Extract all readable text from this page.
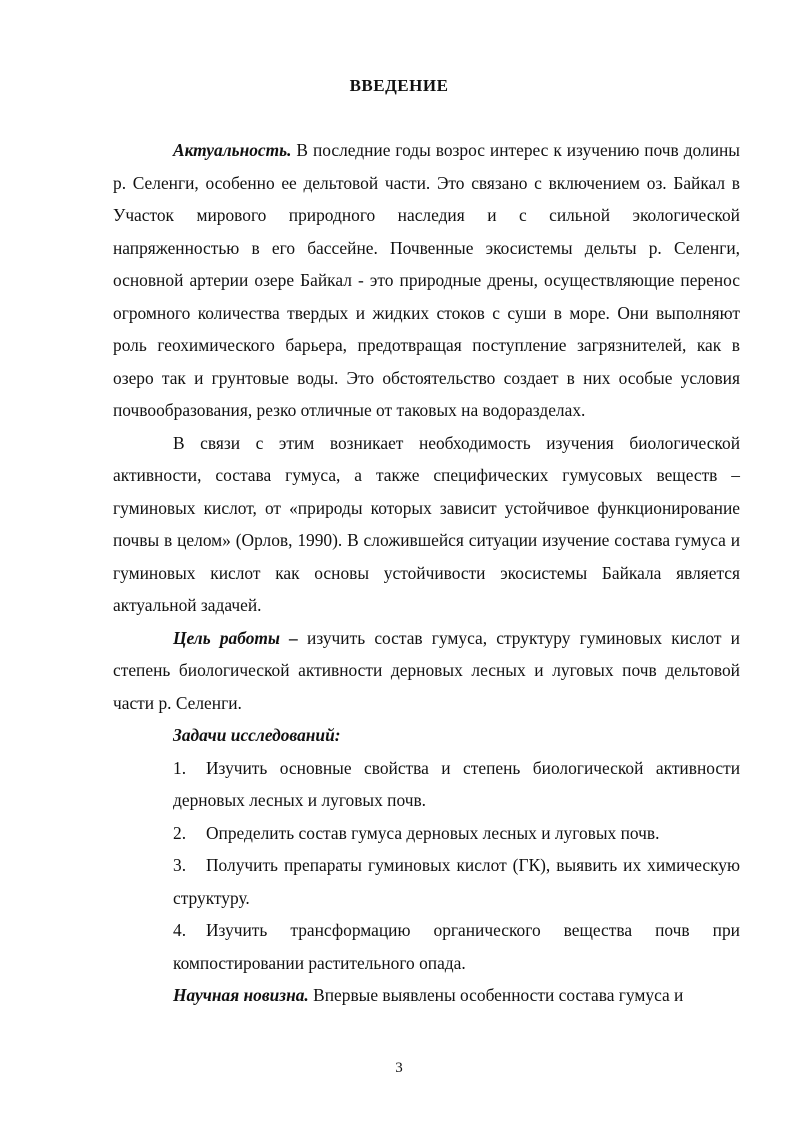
ВВЕДЕНИЕ

Актуальность. В последние годы возрос интерес к изучению почв долины р. Селенги, особенно ее дельтовой части. Это связано с включением оз. Байкал в Участок мирового природного наследия и с сильной экологической напряженностью в его бассейне. Почвенные экосистемы дельты р. Селенги, основной артерии озере Байкал - это природные дрены, осуществляющие перенос огромного количества твердых и жидких стоков с суши в море. Они выполняют роль геохимического барьера, предотвращая поступление загрязнителей, как в озеро так и грунтовые воды. Это обстоятельство создает в них особые условия почвообразования, резко отличные от таковых на водоразделах.

В связи с этим возникает необходимость изучения биологической активности, состава гумуса, а также специфических гумусовых веществ – гуминовых кислот, от «природы которых зависит устойчивое функционирование почвы в целом» (Орлов, 1990). В сложившейся ситуации изучение состава гумуса и гуминовых кислот как основы устойчивости экосистемы Байкала является актуальной задачей.

Цель работы – изучить состав гумуса, структуру гуминовых кислот и степень биологической активности дерновых лесных и луговых почв дельтовой части р. Селенги.

Задачи исследований:

1. Изучить основные свойства и степень биологической активности дерновых лесных и луговых почв.

2. Определить состав гумуса дерновых лесных и луговых почв.

3. Получить препараты гуминовых кислот (ГК), выявить их химическую структуру.

4. Изучить трансформацию органического вещества почв при компостировании растительного опада.

Научная новизна. Впервые выявлены особенности состава гумуса и

3
